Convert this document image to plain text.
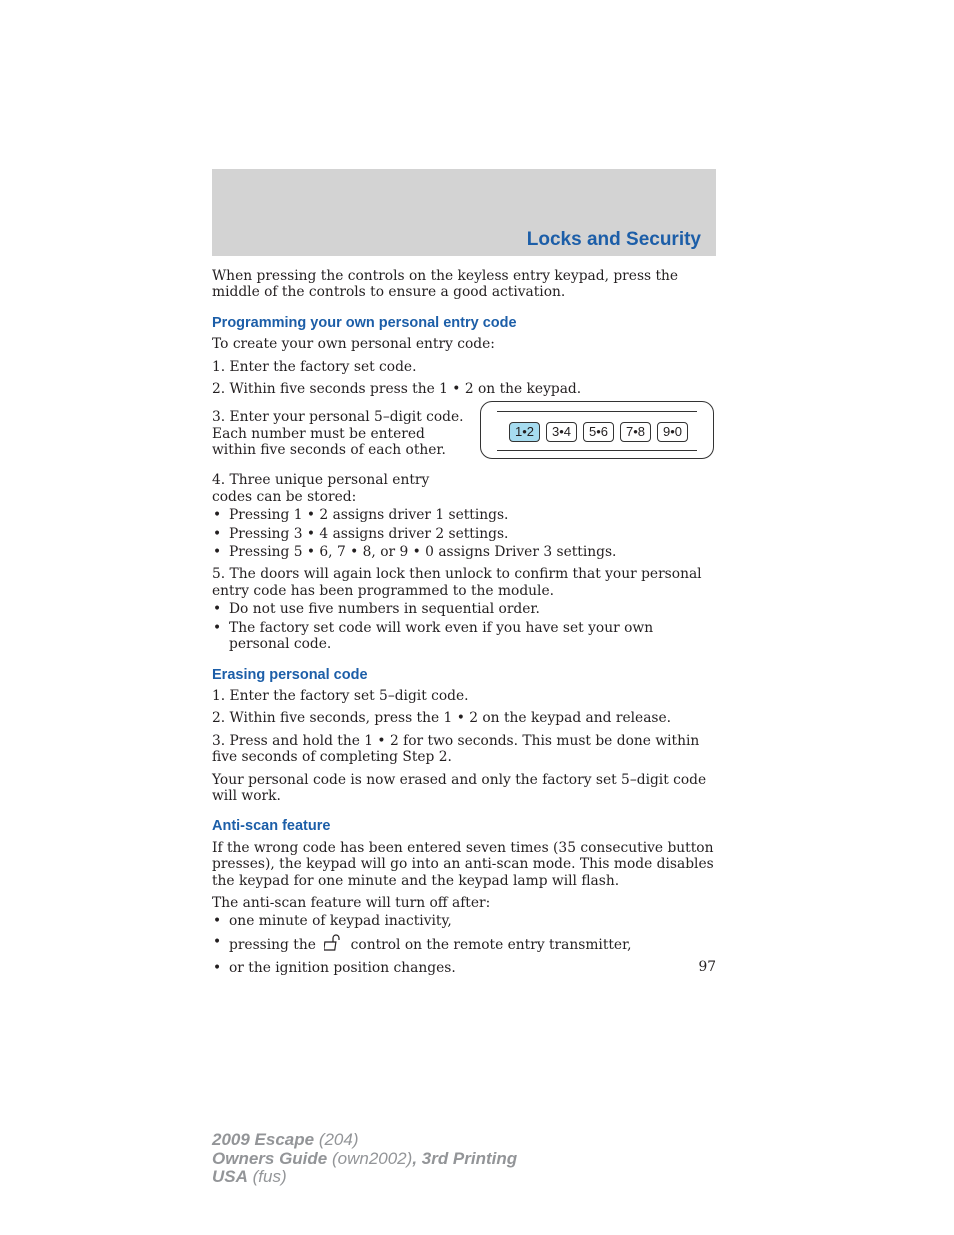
Locks and Security

When pressing the controls on the keyless entry keypad, press the middle of the controls to ensure a good activation.

Programming your own personal entry code

To create your own personal entry code:

1. Enter the factory set code.

2. Within five seconds press the 1 • 2 on the keypad.

3. Enter your personal 5–digit code. Each number must be entered within five seconds of each other.
1•2	3•4	5•6	7•8	9•0

4. Three unique personal entry codes can be stored:

• Pressing 1 • 2 assigns driver 1 settings.

• Pressing 3 • 4 assigns driver 2 settings.

• Pressing 5 • 6, 7 • 8, or 9 • 0 assigns Driver 3 settings.

5. The doors will again lock then unlock to confirm that your personal entry code has been programmed to the module.

• Do not use five numbers in sequential order.

• The factory set code will work even if you have set your own personal code.

Erasing personal code

1. Enter the factory set 5–digit code.

2. Within five seconds, press the 1 • 2 on the keypad and release.

3. Press and hold the 1 • 2 for two seconds. This must be done within five seconds of completing Step 2.

Your personal code is now erased and only the factory set 5–digit code will work.

Anti-scan feature

If the wrong code has been entered seven times (35 consecutive button presses), the keypad will go into an anti-scan mode. This mode disables the keypad for one minute and the keypad lamp will flash.

The anti-scan feature will turn off after:

• one minute of keypad inactivity,

• pressing the	control on the remote entry transmitter,

• or the ignition position changes.	97
2009 Escape (204)
Owners Guide (own2002), 3rd Printing
USA (fus)
